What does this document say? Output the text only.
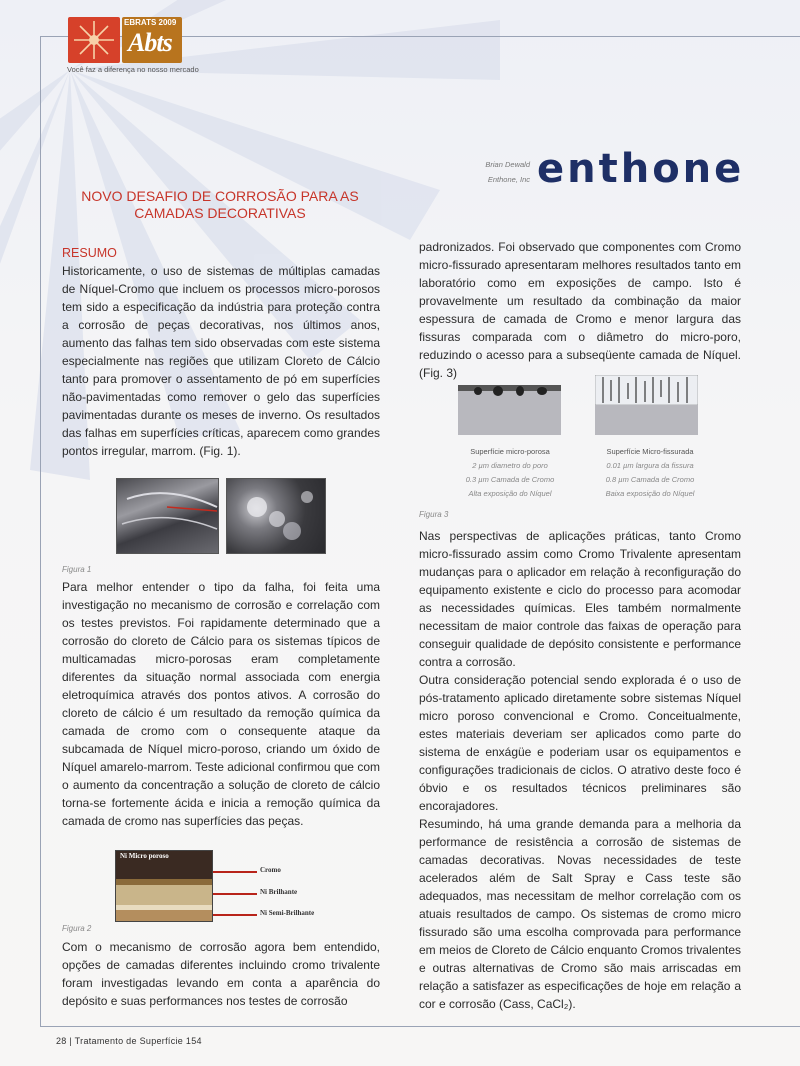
EBRATS 2009
Abts
Você faz a diferença no nosso mercado
Brian Dewald
Enthone, Inc enthone
NOVO DESAFIO DE CORROSÃO PARA AS CAMADAS DECORATIVAS
RESUMO

Historicamente, o uso de sistemas de múltiplas camadas de Níquel-Cromo que incluem os processos micro-porosos tem sido a especificação da indústria para proteção contra a corrosão de peças decorativas, nos últimos anos, aumento das falhas tem sido observadas com este sistema especialmente nas regiões que utilizam Cloreto de Cálcio tanto para promover o assentamento de pó em superfícies não-pavimentadas como remover o gelo das superfícies pavimentadas durante os meses de inverno. Os resultados das falhas em superfícies críticas, aparecem como grandes pontos irregular, marrom. (Fig. 1).

Figura 1

Para melhor entender o tipo da falha, foi feita uma investigação no mecanismo de corrosão e correlação com os testes previstos. Foi rapidamente determinado que a corrosão do cloreto de Cálcio para os sistemas típicos de multicamadas micro-porosas eram completamente diferentes da situação normal associada com energia eletroquímica através dos pontos ativos. A corrosão do cloreto de cálcio é um resultado da remoção química da camada de cromo com o consequente ataque da subcamada de Níquel micro-poroso, criando um óxido de Níquel amarelo-marrom. Teste adicional confirmou que com o aumento da concentração a solução de cloreto de cálcio torna-se fortemente ácida e inicia a remoção química da camada de cromo nas superfícies das peças.

Ni Micro poroso
Cromo
Ni Brilhante
Ni Semi-Brilhante
Figura 2

Com o mecanismo de corrosão agora bem entendido, opções de camadas diferentes incluindo cromo trivalente foram investigadas levando em conta a aparência do depósito e suas performances nos testes de corrosão

padronizados. Foi observado que componentes com Cromo micro-fissurado apresentaram melhores resultados tanto em laboratório como em exposições de campo. Isto é provavelmente um resultado da combinação da maior espessura de camada de Cromo e menor largura das fissuras comparada com o diâmetro do micro-poro, reduzindo o acesso para a subseqüente camada de Níquel. (Fig. 3)

Superfície micro-porosa
2 µm diametro do poro
0.3 µm Camada de Cromo
Alta exposição do Níquel
Superfície Micro-fissurada
0.01 µm largura da fissura
0.8 µm Camada de Cromo
Baixa exposição do Níquel
Figura 3

Nas perspectivas de aplicações práticas, tanto Cromo micro-fissurado assim como Cromo Trivalente apresentam mudanças para o aplicador em relação à reconfiguração do equipamento existente e ciclo do processo para acomodar as necessidades químicas. Eles também normalmente necessitam de maior controle das faixas de operação para conseguir qualidade de depósito consistente e performance contra a corrosão.

Outra consideração potencial sendo explorada é o uso de pós-tratamento aplicado diretamente sobre sistemas Níquel micro poroso convencional e Cromo. Conceitualmente, estes materiais deveriam ser aplicados como parte do sistema de enxágüe e poderiam usar os equipamentos e configurações tradicionais de ciclos. O atrativo deste foco é óbvio e os resultados técnicos preliminares são encorajadores.

Resumindo, há uma grande demanda para a melhoria da performance de resistência a corrosão de sistemas de camadas decorativas. Novas necessidades de teste acelerados além de Salt Spray e Cass teste são adequados, mas necessitam de melhor correlação com os atuais resultados de campo. Os sistemas de cromo micro fissurado são uma escolha comprovada para performance em meios de Cloreto de Cálcio enquanto Cromos trivalentes e outras alternativas de Cromo são mais arriscadas em relação a satisfazer as especificações de hoje em relação a cor e corrosão (Cass, CaCl₂).

28 | Tratamento de Superfície 154
